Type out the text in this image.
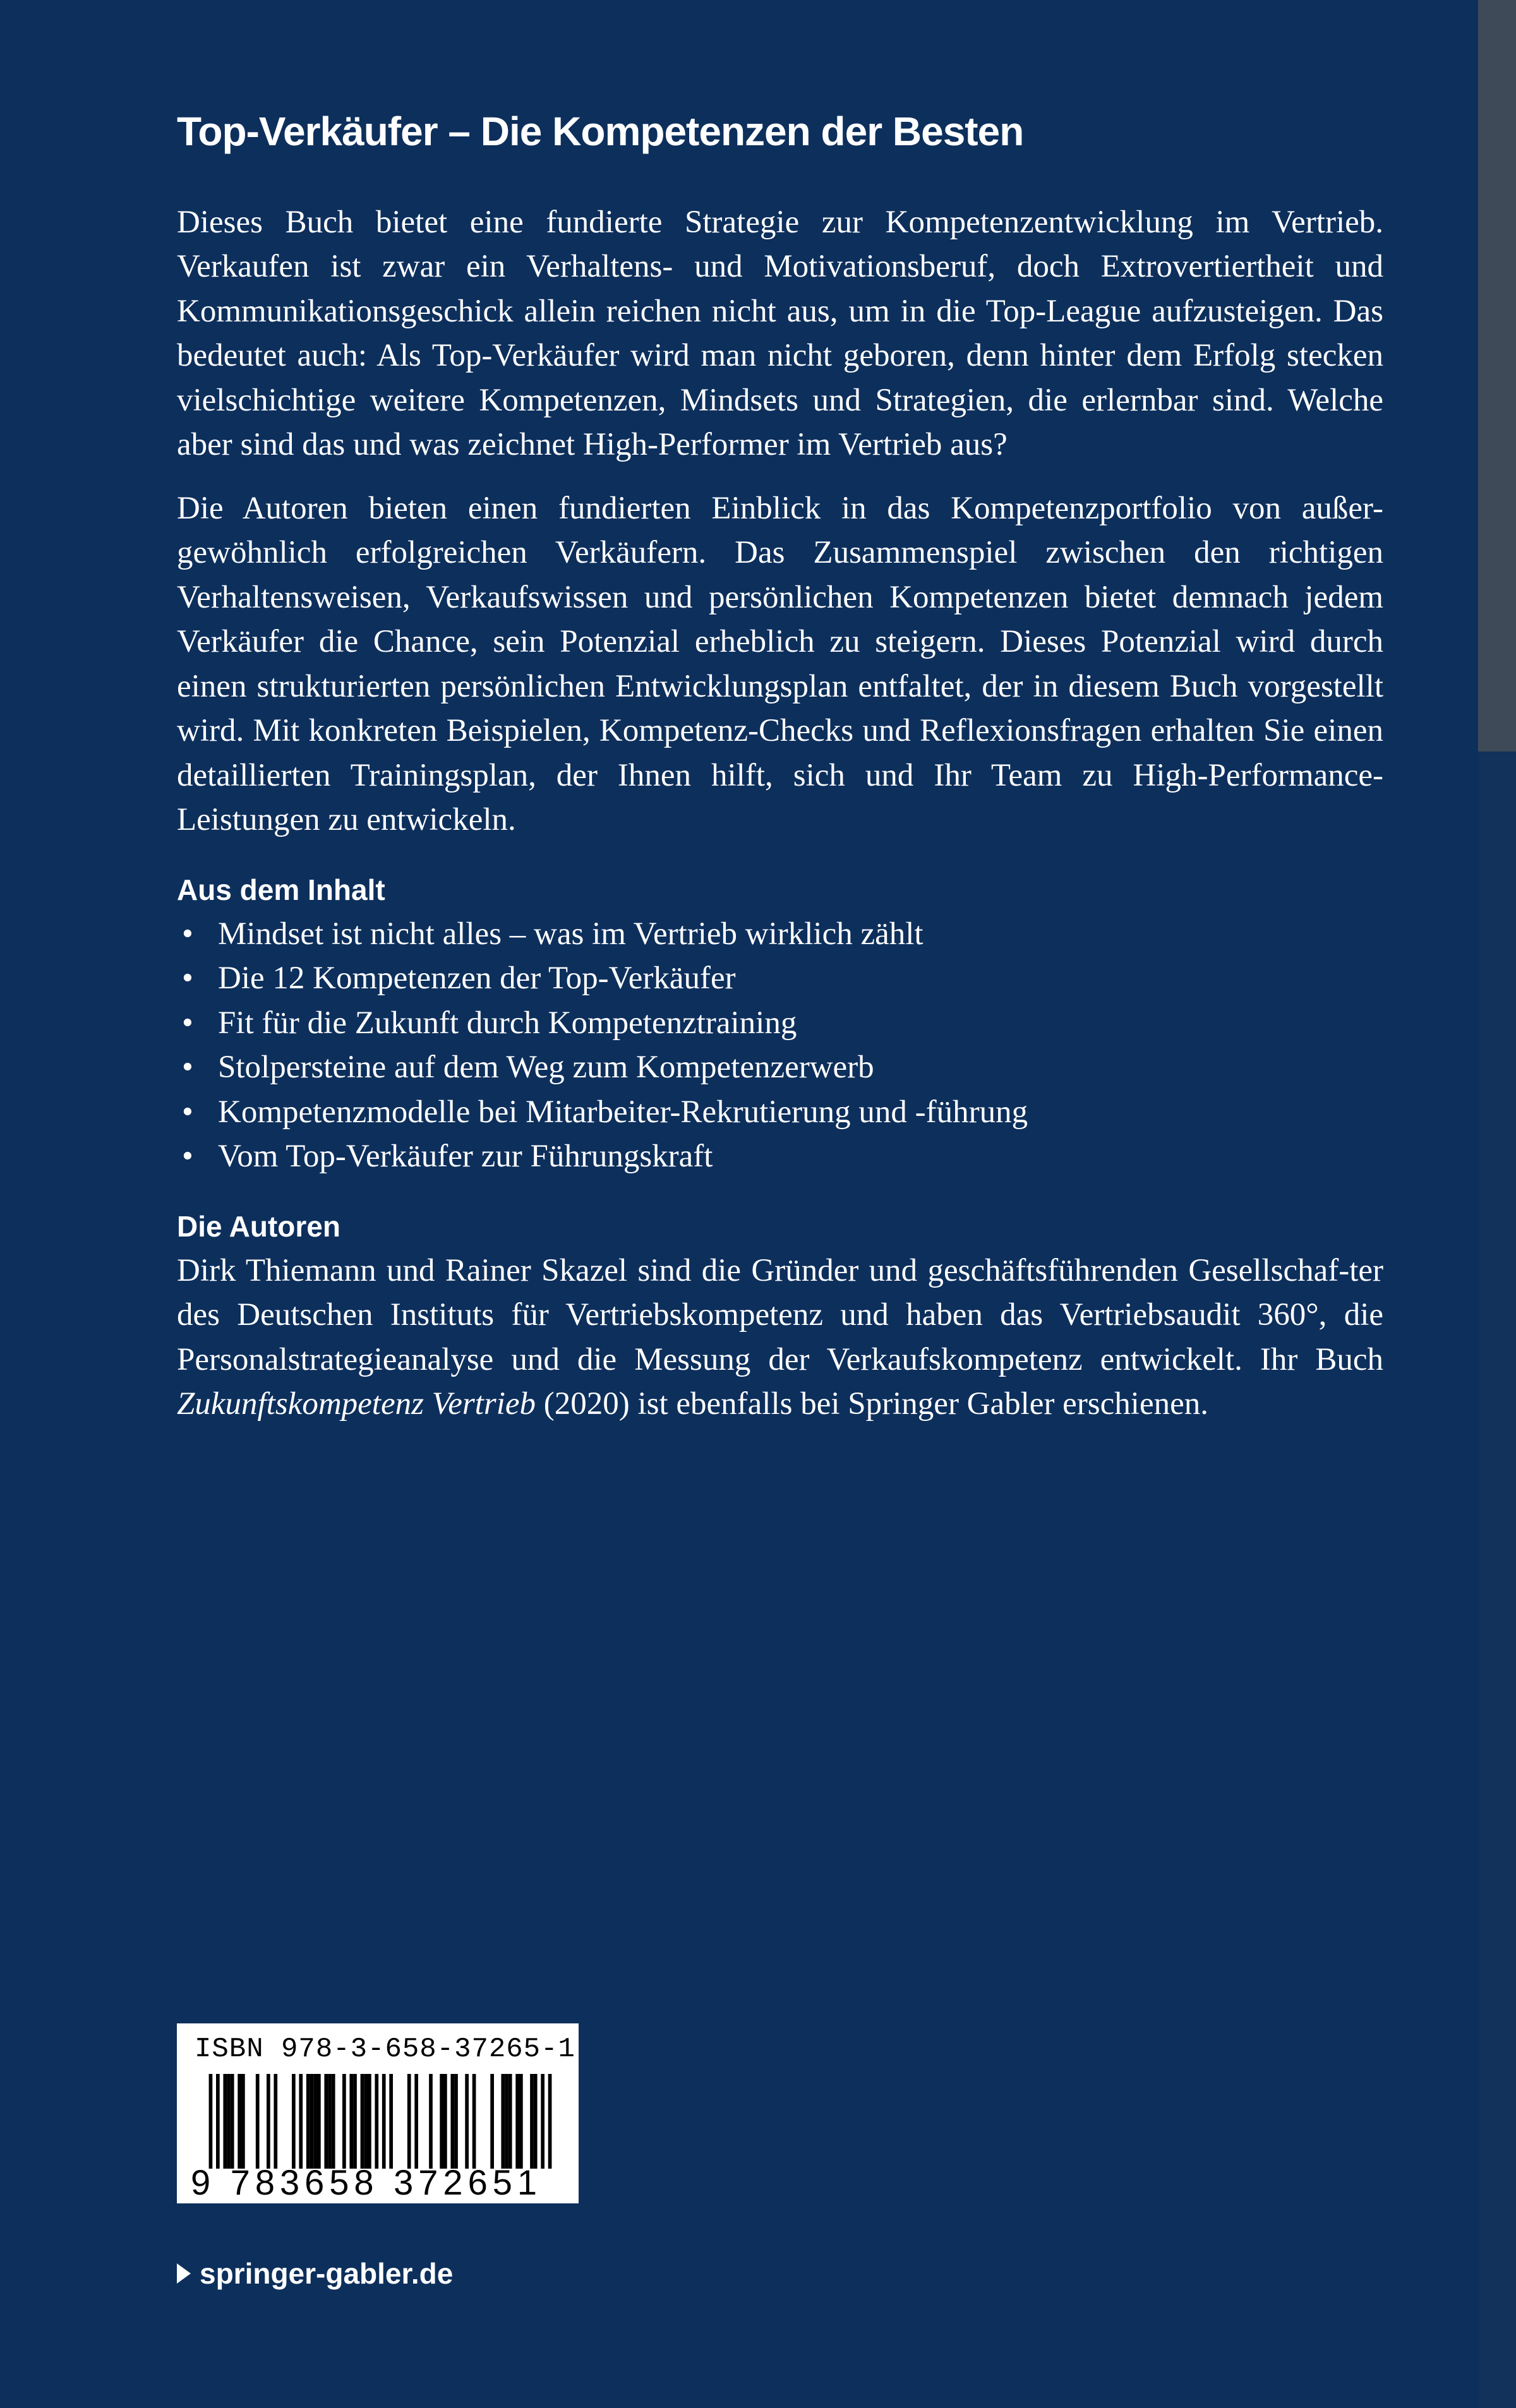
Top-Verkäufer – Die Kompetenzen der Besten

Dieses Buch bietet eine fundierte Strategie zur Kompetenzentwicklung im Vertrieb. Verkaufen ist zwar ein Verhaltens- und Motivationsberuf, doch Extrovertiertheit und Kommunikationsgeschick allein reichen nicht aus, um in die Top-League aufzusteigen. Das bedeutet auch: Als Top-Verkäufer wird man nicht geboren, denn hinter dem Erfolg stecken vielschichtige weitere Kompetenzen, Mindsets und Strategien, die erlernbar sind. Welche aber sind das und was zeichnet High-Performer im Vertrieb aus?

Die Autoren bieten einen fundierten Einblick in das Kompetenzportfolio von außer-gewöhnlich erfolgreichen Verkäufern. Das Zusammenspiel zwischen den richtigen Verhaltensweisen, Verkaufswissen und persönlichen Kompetenzen bietet demnach jedem Verkäufer die Chance, sein Potenzial erheblich zu steigern. Dieses Potenzial wird durch einen strukturierten persönlichen Entwicklungsplan entfaltet, der in diesem Buch vorgestellt wird. Mit konkreten Beispielen, Kompetenz-Checks und Reflexionsfragen erhalten Sie einen detaillierten Trainingsplan, der Ihnen hilft, sich und Ihr Team zu High-Performance-Leistungen zu entwickeln.

Aus dem Inhalt
• Mindset ist nicht alles – was im Vertrieb wirklich zählt
• Die 12 Kompetenzen der Top-Verkäufer
• Fit für die Zukunft durch Kompetenztraining
• Stolpersteine auf dem Weg zum Kompetenzerwerb
• Kompetenzmodelle bei Mitarbeiter-Rekrutierung und -führung
• Vom Top-Verkäufer zur Führungskraft
Die Autoren

Dirk Thiemann und Rainer Skazel sind die Gründer und geschäftsführenden Gesellschaf-ter des Deutschen Instituts für Vertriebskompetenz und haben das Vertriebsaudit 360°, die Personalstrategieanalyse und die Messung der Verkaufskompetenz entwickelt. Ihr Buch Zukunftskompetenz Vertrieb (2020) ist ebenfalls bei Springer Gabler erschienen.

ISBN 978-3-658-37265-1
9 783658 372651
springer-gabler.de
